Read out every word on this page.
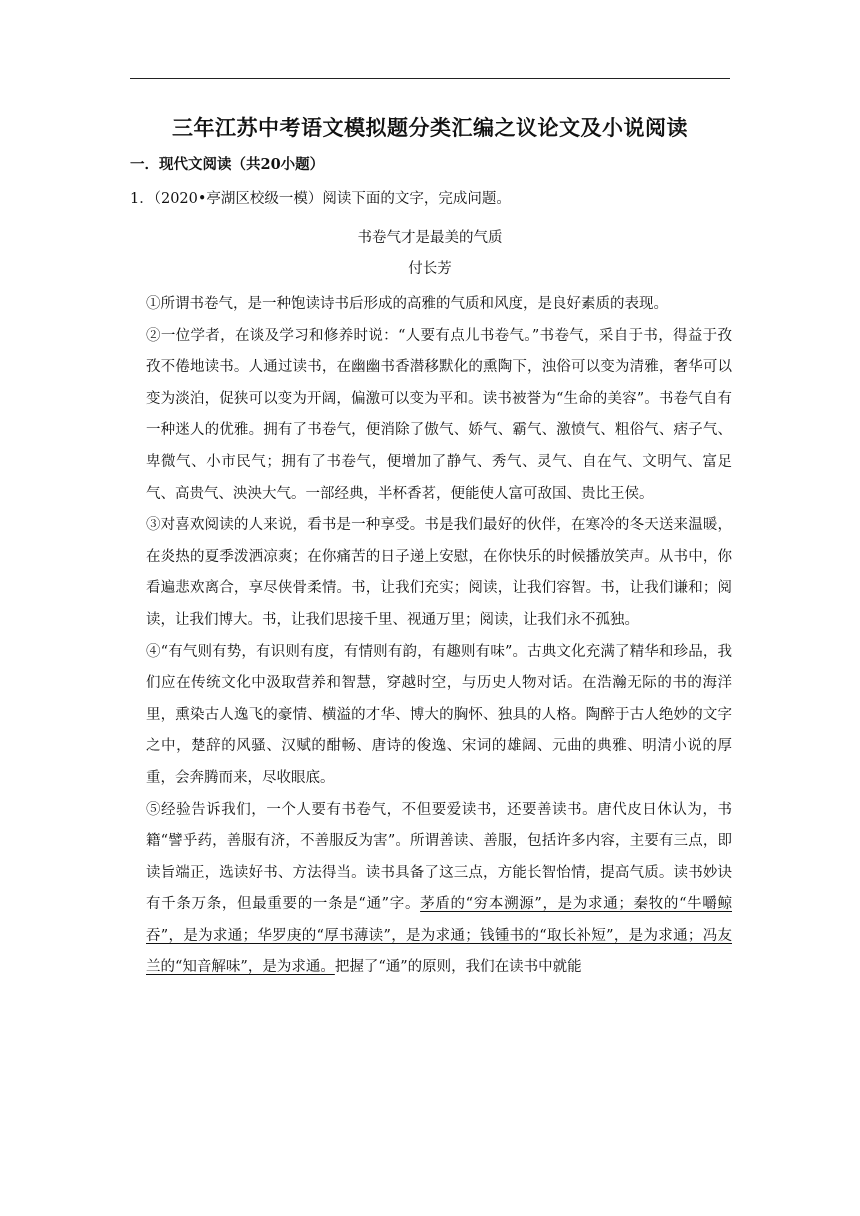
三年江苏中考语文模拟题分类汇编之议论文及小说阅读
一．现代文阅读（共20小题）
1．（2020•亭湖区校级一模）阅读下面的文字，完成问题。
书卷气才是最美的气质
付长芳

①所谓书卷气，是一种饱读诗书后形成的高雅的气质和风度，是良好素质的表现。

②一位学者，在谈及学习和修养时说：“人要有点儿书卷气。”书卷气，采自于书，得益于孜孜不倦地读书。人通过读书，在幽幽书香潜移默化的熏陶下，浊俗可以变为清雅，奢华可以变为淡泊，促狭可以变为开阔，偏激可以变为平和。读书被誉为“生命的美容”。书卷气自有一种迷人的优雅。拥有了书卷气，便消除了傲气、娇气、霸气、激愤气、粗俗气、痞子气、卑微气、小市民气；拥有了书卷气，便增加了静气、秀气、灵气、自在气、文明气、富足气、高贵气、泱泱大气。一部经典，半杯香茗，便能使人富可敌国、贵比王侯。

③对喜欢阅读的人来说，看书是一种享受。书是我们最好的伙伴，在寒冷的冬天送来温暖，在炎热的夏季泼洒凉爽；在你痛苦的日子递上安慰，在你快乐的时候播放笑声。从书中，你看遍悲欢离合，享尽侠骨柔情。书，让我们充实；阅读，让我们容智。书，让我们谦和；阅读，让我们博大。书，让我们思接千里、视通万里；阅读，让我们永不孤独。

④“有气则有势，有识则有度，有情则有韵，有趣则有味”。古典文化充满了精华和珍品，我们应在传统文化中汲取营养和智慧，穿越时空，与历史人物对话。在浩瀚无际的书的海洋里，熏染古人逸飞的豪情、横溢的才华、博大的胸怀、独具的人格。陶醉于古人绝妙的文字之中，楚辞的风骚、汉赋的酣畅、唐诗的俊逸、宋词的雄阔、元曲的典雅、明清小说的厚重，会奔腾而来，尽收眼底。

⑤经验告诉我们，一个人要有书卷气，不但要爱读书，还要善读书。唐代皮日休认为，书籍“譬乎药，善服有济，不善服反为害”。所谓善读、善服，包括许多内容，主要有三点，即读旨端正，选读好书、方法得当。读书具备了这三点，方能长智怡情，提高气质。读书妙诀有千条万条，但最重要的一条是“通”字。茅盾的“穷本溯源”，是为求通；秦牧的“牛嚼鲸吞”，是为求通；华罗庚的“厚书薄读”，是为求通；钱锺书的“取长补短”，是为求通；冯友兰的“知音解味”，是为求通。把握了“通”的原则，我们在读书中就能
